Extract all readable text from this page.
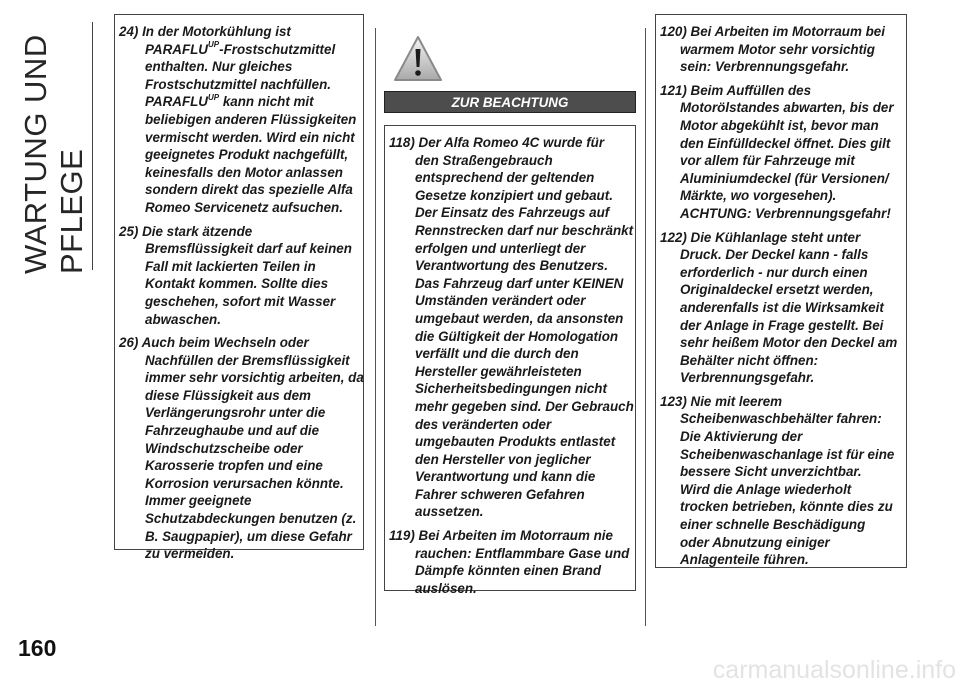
WARTUNG UND PFLEGE
160
24) In der Motorkühlung ist
$PARAFLU^{UP}$-Frostschutzmittel
enthalten. Nur gleiches
Frostschutzmittel nachfüllen.
$PARAFLU^{UP}$ kann nicht mit
beliebigen anderen Flüssigkeiten
vermischt werden. Wird ein nicht
geeignetes Produkt nachgefüllt,
keinesfalls den Motor anlassen
sondern direkt das spezielle Alfa
Romeo Servicenetz aufsuchen.
25) Die stark ätzende
Bremsflüssigkeit darf auf keinen
Fall mit lackierten Teilen in
Kontakt kommen. Sollte dies
geschehen, sofort mit Wasser
abwaschen.
26) Auch beim Wechseln oder
Nachfüllen der Bremsflüssigkeit
immer sehr vorsichtig arbeiten, da
diese Flüssigkeit aus dem
Verlängerungsrohr unter die
Fahrzeughaube und auf die
Windschutzscheibe oder
Karosserie tropfen und eine
Korrosion verursachen könnte.
Immer geeignete
Schutzabdeckungen benutzen (z.
B. Saugpapier), um diese Gefahr
zu vermeiden.
ZUR BEACHTUNG
118) Der Alfa Romeo 4C wurde für
den Straßengebrauch
entsprechend der geltenden
Gesetze konzipiert und gebaut.
Der Einsatz des Fahrzeugs auf
Rennstrecken darf nur beschränkt
erfolgen und unterliegt der
Verantwortung des Benutzers.
Das Fahrzeug darf unter KEINEN
Umständen verändert oder
umgebaut werden, da ansonsten
die Gültigkeit der Homologation
verfällt und die durch den
Hersteller gewährleisteten
Sicherheitsbedingungen nicht
mehr gegeben sind. Der Gebrauch
des veränderten oder
umgebauten Produkts entlastet
den Hersteller von jeglicher
Verantwortung und kann die
Fahrer schweren Gefahren
aussetzen.
119) Bei Arbeiten im Motorraum nie
rauchen: Entflammbare Gase und
Dämpfe könnten einen Brand
auslösen.
120) Bei Arbeiten im Motorraum bei
warmem Motor sehr vorsichtig
sein: Verbrennungsgefahr.
121) Beim Auffüllen des
Motorölstandes abwarten, bis der
Motor abgekühlt ist, bevor man
den Einfülldeckel öffnet. Dies gilt
vor allem für Fahrzeuge mit
Aluminiumdeckel (für Versionen/
Märkte, wo vorgesehen).
ACHTUNG: Verbrennungsgefahr!
122) Die Kühlanlage steht unter
Druck. Der Deckel kann - falls
erforderlich - nur durch einen
Originaldeckel ersetzt werden,
anderenfalls ist die Wirksamkeit
der Anlage in Frage gestellt. Bei
sehr heißem Motor den Deckel am
Behälter nicht öffnen:
Verbrennungsgefahr.
123) Nie mit leerem
Scheibenwaschbehälter fahren:
Die Aktivierung der
Scheibenwaschanlage ist für eine
bessere Sicht unverzichtbar.
Wird die Anlage wiederholt
trocken betrieben, könnte dies zu
einer schnelle Beschädigung
oder Abnutzung einiger
Anlagenteile führen.
carmanualsonline.info
